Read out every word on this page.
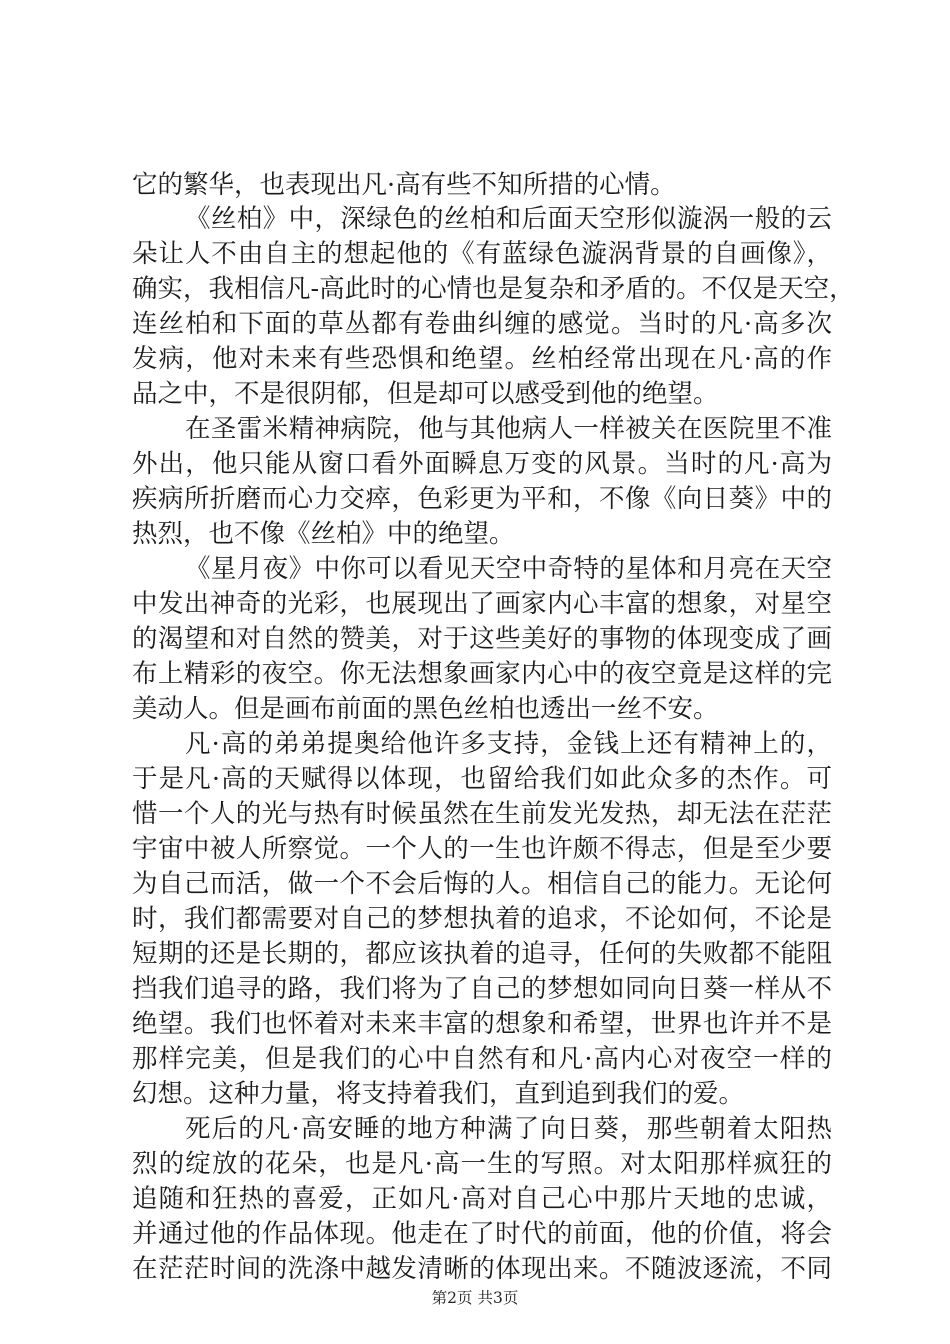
它的繁华，也表现出凡·高有些不知所措的心情。
《丝柏》中，深绿色的丝柏和后面天空形似漩涡一般的云
朵让人不由自主的想起他的《有蓝绿色漩涡背景的自画像》，
确实，我相信凡-高此时的心情也是复杂和矛盾的。不仅是天空，
连丝柏和下面的草丛都有卷曲纠缠的感觉。当时的凡·高多次
发病，他对未来有些恐惧和绝望。丝柏经常出现在凡·高的作
品之中，不是很阴郁，但是却可以感受到他的绝望。
在圣雷米精神病院，他与其他病人一样被关在医院里不准
外出，他只能从窗口看外面瞬息万变的风景。当时的凡·高为
疾病所折磨而心力交瘁，色彩更为平和，不像《向日葵》中的
热烈，也不像《丝柏》中的绝望。
《星月夜》中你可以看见天空中奇特的星体和月亮在天空
中发出神奇的光彩，也展现出了画家内心丰富的想象，对星空
的渴望和对自然的赞美，对于这些美好的事物的体现变成了画
布上精彩的夜空。你无法想象画家内心中的夜空竟是这样的完
美动人。但是画布前面的黑色丝柏也透出一丝不安。
凡·高的弟弟提奥给他许多支持，金钱上还有精神上的，
于是凡·高的天赋得以体现，也留给我们如此众多的杰作。可
惜一个人的光与热有时候虽然在生前发光发热，却无法在茫茫
宇宙中被人所察觉。一个人的一生也许颇不得志，但是至少要
为自己而活，做一个不会后悔的人。相信自己的能力。无论何
时，我们都需要对自己的梦想执着的追求，不论如何，不论是
短期的还是长期的，都应该执着的追寻，任何的失败都不能阻
挡我们追寻的路，我们将为了自己的梦想如同向日葵一样从不
绝望。我们也怀着对未来丰富的想象和希望，世界也许并不是
那样完美，但是我们的心中自然有和凡·高内心对夜空一样的
幻想。这种力量，将支持着我们，直到追到我们的爱。
死后的凡·高安睡的地方种满了向日葵，那些朝着太阳热
烈的绽放的花朵，也是凡·高一生的写照。对太阳那样疯狂的
追随和狂热的喜爱，正如凡·高对自己心中那片天地的忠诚，
并通过他的作品体现。他走在了时代的前面，他的价值，将会
在茫茫时间的洗涤中越发清晰的体现出来。不随波逐流，不同
第2页 共3页
